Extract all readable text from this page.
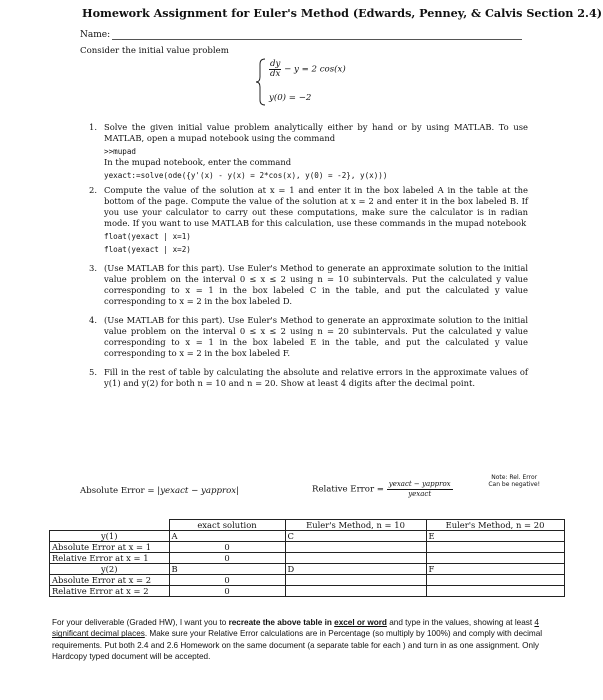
Homework Assignment for Euler's Method (Edwards, Penney, & Calvis Section 2.4)
Name:
Consider the initial value problem
$\frac{dy}{dx} - y = 2$ cos(x)
y(0) = −2
1. Solve the given initial value problem analytically either by hand or by using MATLAB. To use MATLAB, open a mupad notebook using the command

>>mupad

In the mupad notebook, enter the command

yexact:=solve(ode({y'(x) - y(x) = 2*cos(x), y(0) = -2}, y(x)))
2. Compute the value of the solution at x = 1 and enter it in the box labeled A in the table at the bottom of the page. Compute the value of the solution at x = 2 and enter it in the box labeled B. If you use your calculator to carry out these computations, make sure the calculator is in radian mode. If you want to use MATLAB for this calculation, use these commands in the mupad notebook

float(yexact | x=1)
float(yexact | x=2)
3. (Use MATLAB for this part). Use Euler's Method to generate an approximate solution to the initial value problem on the interval 0 ≤ x ≤ 2 using n = 10 subintervals. Put the calculated y value corresponding to x = 1 in the box labeled C in the table, and put the calculated y value corresponding to x = 2 in the box labeled D.

4. (Use MATLAB for this part). Use Euler's Method to generate an approximate solution to the initial value problem on the interval 0 ≤ x ≤ 2 using n = 20 subintervals. Put the calculated y value corresponding to x = 1 in the box labeled E in the table, and put the calculated y value corresponding to x = 2 in the box labeled F.

5. Fill in the rest of table by calculating the absolute and relative errors in the approximate values of y(1) and y(2) for both n = 10 and n = 20. Show at least 4 digits after the decimal point.

Absolute Error = |yexact − yapprox|	Relative Error =
yexact − yapprox
yexact
Note: Rel. Error
Can be negative!
	exact solution	Euler's Method, n = 10	Euler's Method, n = 20
y(1)	A	C	E
Absolute Error at x = 1	0		
Relative Error at x = 1	0		
y(2)	B	D	F
Absolute Error at x = 2	0		
Relative Error at x = 2	0		
For your deliverable (Graded HW), I want you to recreate the above table in excel or word and type in the values, showing at least 4 significant decimal places. Make sure your Relative Error calculations are in Percentage (so multiply by 100%) and comply with decimal requirements. Put both 2.4 and 2.6 Homework on the same document (a separate table for each ) and turn in as one assignment. Only Hardcopy typed document will be accepted.
